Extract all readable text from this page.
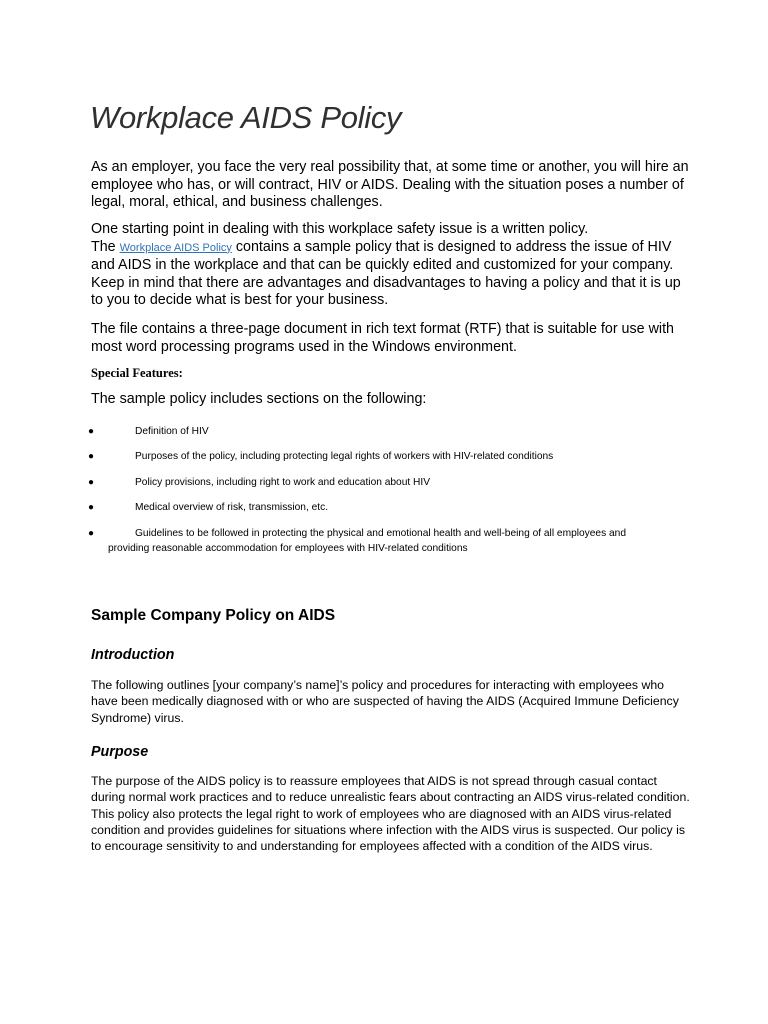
Workplace AIDS Policy

As an employer, you face the very real possibility that, at some time or another, you will hire an employee who has, or will contract, HIV or AIDS. Dealing with the situation poses a number of legal, moral, ethical, and business challenges.

One starting point in dealing with this workplace safety issue is a written policy.
The Workplace AIDS Policy contains a sample policy that is designed to address the issue of HIV and AIDS in the workplace and that can be quickly edited and customized for your company. Keep in mind that there are advantages and disadvantages to having a policy and that it is up to you to decide what is best for your business.

The file contains a three-page document in rich text format (RTF) that is suitable for use with most word processing programs used in the Windows environment.

Special Features:

The sample policy includes sections on the following:

●	Definition of HIV
●	Purposes of the policy, including protecting legal rights of workers with HIV-related conditions
●	Policy provisions, including right to work and education about HIV
●	Medical overview of risk, transmission, etc.
●	Guidelines to be followed in protecting the physical and emotional health and well-being of all employees and providing reasonable accommodation for employees with HIV-related conditions
Sample Company Policy on AIDS
Introduction

The following outlines [your company’s name]’s policy and procedures for interacting with employees who have been medically diagnosed with or who are suspected of having the AIDS (Acquired Immune Deficiency Syndrome) virus.

Purpose

The purpose of the AIDS policy is to reassure employees that AIDS is not spread through casual contact during normal work practices and to reduce unrealistic fears about contracting an AIDS virus-related condition. This policy also protects the legal right to work of employees who are diagnosed with an AIDS virus-related condition and provides guidelines for situations where infection with the AIDS virus is suspected. Our policy is to encourage sensitivity to and understanding for employees affected with a condition of the AIDS virus.
